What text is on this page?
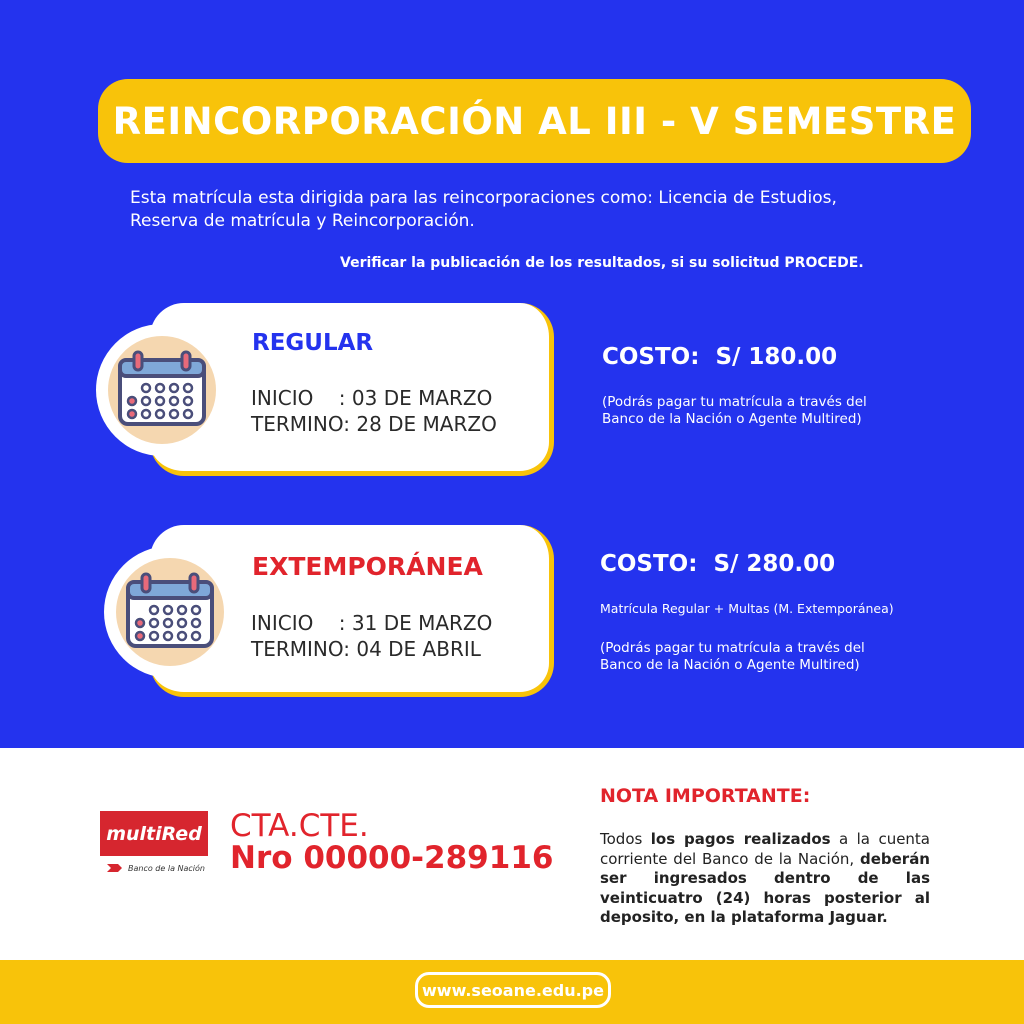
REINCORPORACIÓN AL III - V SEMESTRE
Esta matrícula esta dirigida para las reincorporaciones como: Licencia de Estudios,
Reserva de matrícula y Reincorporación.
Verificar la publicación de los resultados, si su solicitud PROCEDE.
REGULAR
INICIO    : 03 DE MARZO
TERMINO: 28 DE MARZO
COSTO:  S/ 180.00
(Podrás pagar tu matrícula a través del
Banco de la Nación o Agente Multired)
EXTEMPORÁNEA
INICIO    : 31 DE MARZO
TERMINO: 04 DE ABRIL
COSTO:  S/ 280.00
Matrícula Regular + Multas (M. Extemporánea)
(Podrás pagar tu matrícula a través del
Banco de la Nación o Agente Multired)
multiRed
Banco de la Nación
CTA.CTE.
Nro 00000-289116
NOTA IMPORTANTE:
Todos los pagos realizados a la cuenta corriente del Banco de la Nación, deberán ser ingresados dentro de las veinticuatro (24) horas posterior al deposito, en la plataforma Jaguar.
www.seoane.edu.pe
